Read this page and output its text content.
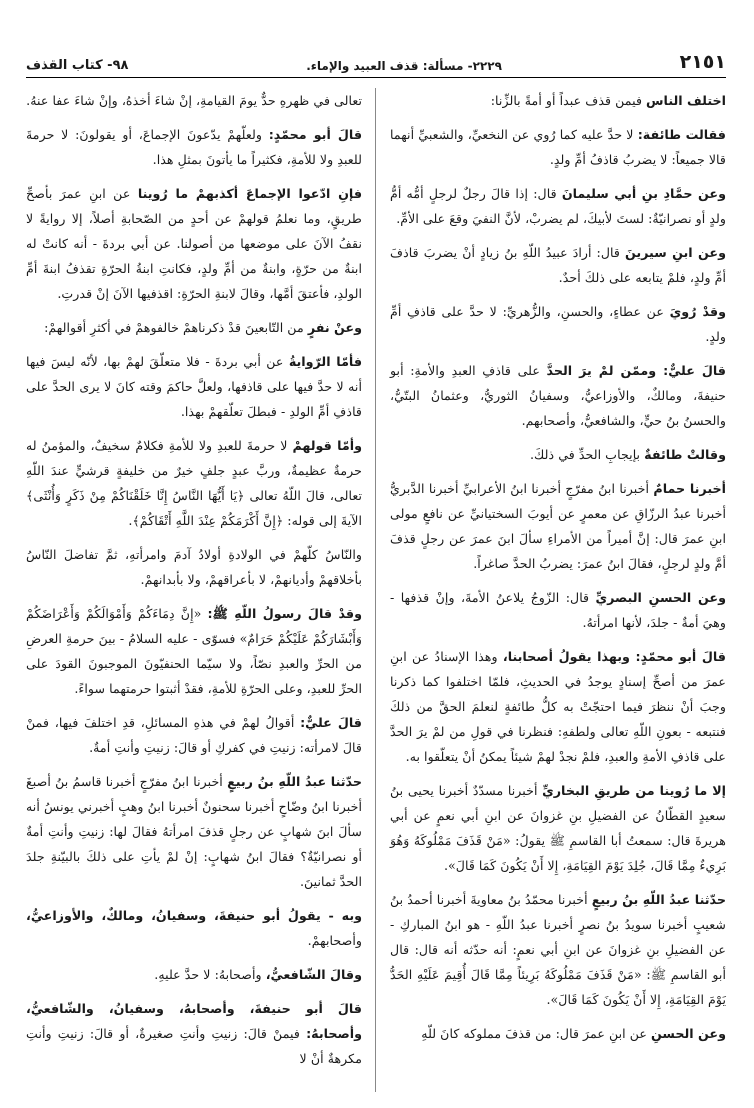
٢١٥١
٢٢٢٩- مسألة: قذف العبيد والإماء.
٩٨- كتاب القذف

اختلف الناس فيمن قذف عبداً أو أمةً بالزِّنا:

فقالت طائفة: لا حدَّ عليه كما رُوي عن النخعيِّ، والشعبيِّ أنهما قالا جميعاً: لا يضربُ قاذفُ أمِّ ولدٍ.

وعن حمَّادِ بنِ أبي سليمانَ قال: إذا قالَ رجلٌ لرجلٍ أمُّه أمُّ ولدٍ أو نصرانيّةٌ: لستَ لأبيكَ، لم يضربْ، لأنَّ النفيَ وقعَ على الأمِّ.

وعن ابنِ سيرينَ قال: أرادَ عبيدُ اللّهِ بنُ زيادٍ أنْ يضربَ قاذفَ أمِّ ولدٍ، فلمْ يتابعه على ذلكَ أحدٌ.

وقدْ رُويَ عن عطاءٍ، والحسنِ، والزُّهريِّ: لا حدَّ على قاذفِ أمِّ ولدٍ.

قالَ عليٌّ: وممّن لمْ يرَ الحدَّ على قاذفِ العبدِ والأمةِ: أبو حنيفةَ، ومالكٌ، والأوزاعيُّ، وسفيانُ الثوريُّ، وعثمانُ البتّيُّ، والحسنُ بنُ حيٍّ، والشافعيُّ، وأصحابهم.

وقالتْ طائفةٌ بإيجابِ الحدِّ في ذلكَ.

أخبرنا حمامٌ أخبرنا ابنُ مفرّجٍ أخبرنا ابنُ الأعرابيِّ أخبرنا الدَّبريُّ أخبرنا عبدُ الرزّاقِ عن معمرٍ عن أيوبَ السختيانيِّ عن نافعٍ مولى ابنِ عمرَ قال: إنَّ أميراً من الأمراءِ سألَ ابنَ عمرَ عن رجلٍ قذفَ أمَّ ولدٍ لرجلٍ، فقالَ ابنُ عمرَ: يضربُ الحدَّ صاغراً.

وعن الحسنِ البصريِّ قال: الزّوجُ يلاعنُ الأمةَ، وإنْ قذفها - وهيَ أمةٌ - جلدَ، لأنها امرأتهُ.

قالَ أبو محمّدٍ: وبهذا يقولُ أصحابنا، وهذا الإسنادُ عن ابنِ عمرَ من أصحِّ إسنادٍ يوجدُ في الحديثِ، فلمّا اختلفوا كما ذكرنا وجبَ أنْ ننظرَ فيما احتجّتْ به كلُّ طائفةٍ لنعلمَ الحقَّ من ذلكَ فنتبعه - بعونِ اللّهِ تعالى ولطفهِ: فنظرنا في قولِ من لمْ يرَ الحدَّ على قاذفِ الأمةِ والعبدِ، فلمْ نجدْ لهمْ شيئاً يمكنُ أنْ يتعلّقوا به.

إلا ما رُوينا من طريقِ البخاريِّ أخبرنا مسدّدٌ أخبرنا يحيى بنُ سعيدٍ القطّانُ عن الفضيلِ بنِ غزوانَ عن ابنِ أبي نعمٍ عن أبي هريرةَ قال: سمعتُ أبا القاسمِ ﷺ يقولُ: «مَنْ قَذَفَ مَمْلُوكَهُ وَهُوَ بَرِيءٌ مِمَّا قَالَ، جُلِدَ يَوْمَ القِيَامَةِ، إِلا أَنْ يَكُونَ كَمَا قَالَ».

حدّثنا عبدُ اللّهِ بنُ ربيعٍ أخبرنا محمّدُ بنُ معاويةَ أخبرنا أحمدُ بنُ شعيبٍ أخبرنا سويدُ بنُ نصرٍ أخبرنا عبدُ اللّهِ - هو ابنُ المباركِ - عن الفضيلِ بنِ غزوانَ عن ابنِ أبي نعمٍ: أنه حدّثه أنه قال: قال أبو القاسمِ ﷺ: «مَنْ قَذَفَ مَمْلُوكَهُ بَرِيئاً مِمَّا قَالَ أُقِيمَ عَلَيْهِ الحَدُّ يَوْمَ القِيَامَةِ، إِلا أَنْ يَكُونَ كَمَا قَالَ».

وعن الحسنِ عن ابنِ عمرَ قال: من قذفَ مملوكه كانَ للّهِ

تعالى في ظهرهِ حدٌّ يومَ القيامةِ، إنْ شاءَ أخذهُ، وإنْ شاءَ عفا عنهُ.

قالَ أبو محمّدٍ: ولعلّهمْ يدّعونَ الإجماعَ، أو يقولونَ: لا حرمةَ للعبدِ ولا للأمةِ، فكثيراً ما يأتونَ بمثلِ هذا.

فإنِ ادّعوا الإجماعَ أكذبهمْ ما رُوينا عن ابنِ عمرَ بأصحِّ طريقٍ، وما نعلمُ قولهمْ عن أحدٍ من الصّحابةِ أصلاً، إلا روايةً لا نقفُ الآنَ على موضعها من أصولنا. عن أبي بردةَ - أنه كانتْ له ابنةٌ من حرّةٍ، وابنةٌ من أمِّ ولدٍ، فكانتِ ابنةُ الحرّةِ تقذفُ ابنةَ أمِّ الولدِ، فأعتقَ أمَّها، وقالَ لابنةِ الحرّةِ: اقذفيها الآنَ إنْ قدرتِ.

وعنْ نفرٍ من التّابعينَ قدْ ذكرناهمْ خالفوهمْ في أكثرِ أقوالهمْ:

فأمّا الرّوايةُ عن أبي بردةَ - فلا متعلّقَ لهمْ بها، لأنّه ليسَ فيها أنه لا حدَّ فيها على قاذفها، ولعلَّ حاكمَ وقته كانَ لا يرى الحدَّ على قاذفِ أمِّ الولدِ - فبطلَ تعلّقهمْ بهذا.

وأمّا قولهمْ لا حرمةَ للعبدِ ولا للأمةِ فكلامٌ سخيفٌ، والمؤمنُ له حرمةٌ عظيمةٌ، وربَّ عبدٍ جلفٍ خيرٌ من خليفةٍ قرشيٍّ عندَ اللّهِ تعالى، قالَ اللّهُ تعالى ﴿يَا أَيُّهَا النَّاسُ إِنَّا خَلَقْنَاكُمْ مِنْ ذَكَرٍ وَأُنْثَى﴾ الآيةَ إلى قوله: ﴿إِنَّ أَكْرَمَكُمْ عِنْدَ اللَّهِ أَتْقَاكُمْ﴾.

والنّاسُ كلّهمْ في الولادةِ أولادُ آدمَ وامرأتهِ، ثمَّ تفاضلَ النّاسُ بأخلاقهمْ وأديانهمْ، لا بأعراقهمْ، ولا بأبدانهمْ.

وقدْ قالَ رسولُ اللّهِ ﷺ: «إِنَّ دِمَاءَكُمْ وَأَمْوَالَكُمْ وَأَعْرَاضَكُمْ وَأَبْشَارَكُمْ عَلَيْكُمْ حَرَامٌ» فسوّى - عليه السلامُ - بينَ حرمةِ العرضِ من الحرِّ والعبدِ نصّاً، ولا سيّما الحنفيّونَ الموجبونَ القودَ على الحرِّ للعبدِ، وعلى الحرّةِ للأمةِ، فقدْ أثبتوا حرمتهما سواءً.

قالَ عليٌّ: أقوالُ لهمْ في هذهِ المسائلِ، قدِ اختلفَ فيها، فمنْ قالَ لامرأته: زنيتِ في كفركِ أو قالَ: زنيتِ وأنتِ أمةٌ.

حدّثنا عبدُ اللّهِ بنُ ربيعٍ أخبرنا ابنُ مفرّجٍ أخبرنا قاسمُ بنُ أصبغَ أخبرنا ابنُ وضّاحٍ أخبرنا سحنونٌ أخبرنا ابنُ وهبٍ أخبرني يونسُ أنه سألَ ابنَ شهابٍ عن رجلٍ قذفَ امرأتهُ فقالَ لها: زنيتِ وأنتِ أمةٌ أو نصرانيّةٌ؟ فقالَ ابنُ شهابٍ: إنْ لمْ يأتِ على ذلكَ بالبيّنةِ جلدَ الحدَّ ثمانينَ.

وبه - يقولُ أبو حنيفةَ، وسفيانُ، ومالكٌ، والأوزاعيُّ، وأصحابهمْ.

وقالَ الشّافعيُّ، وأصحابهُ: لا حدَّ عليهِ.

قالَ أبو حنيفةَ، وأصحابهُ، وسفيانُ، والشّافعيُّ، وأصحابهُ: فيمنْ قالَ: زنيتِ وأنتِ صغيرةٌ، أو قالَ: زنيتِ وأنتِ مكرهةٌ أنْ لا
